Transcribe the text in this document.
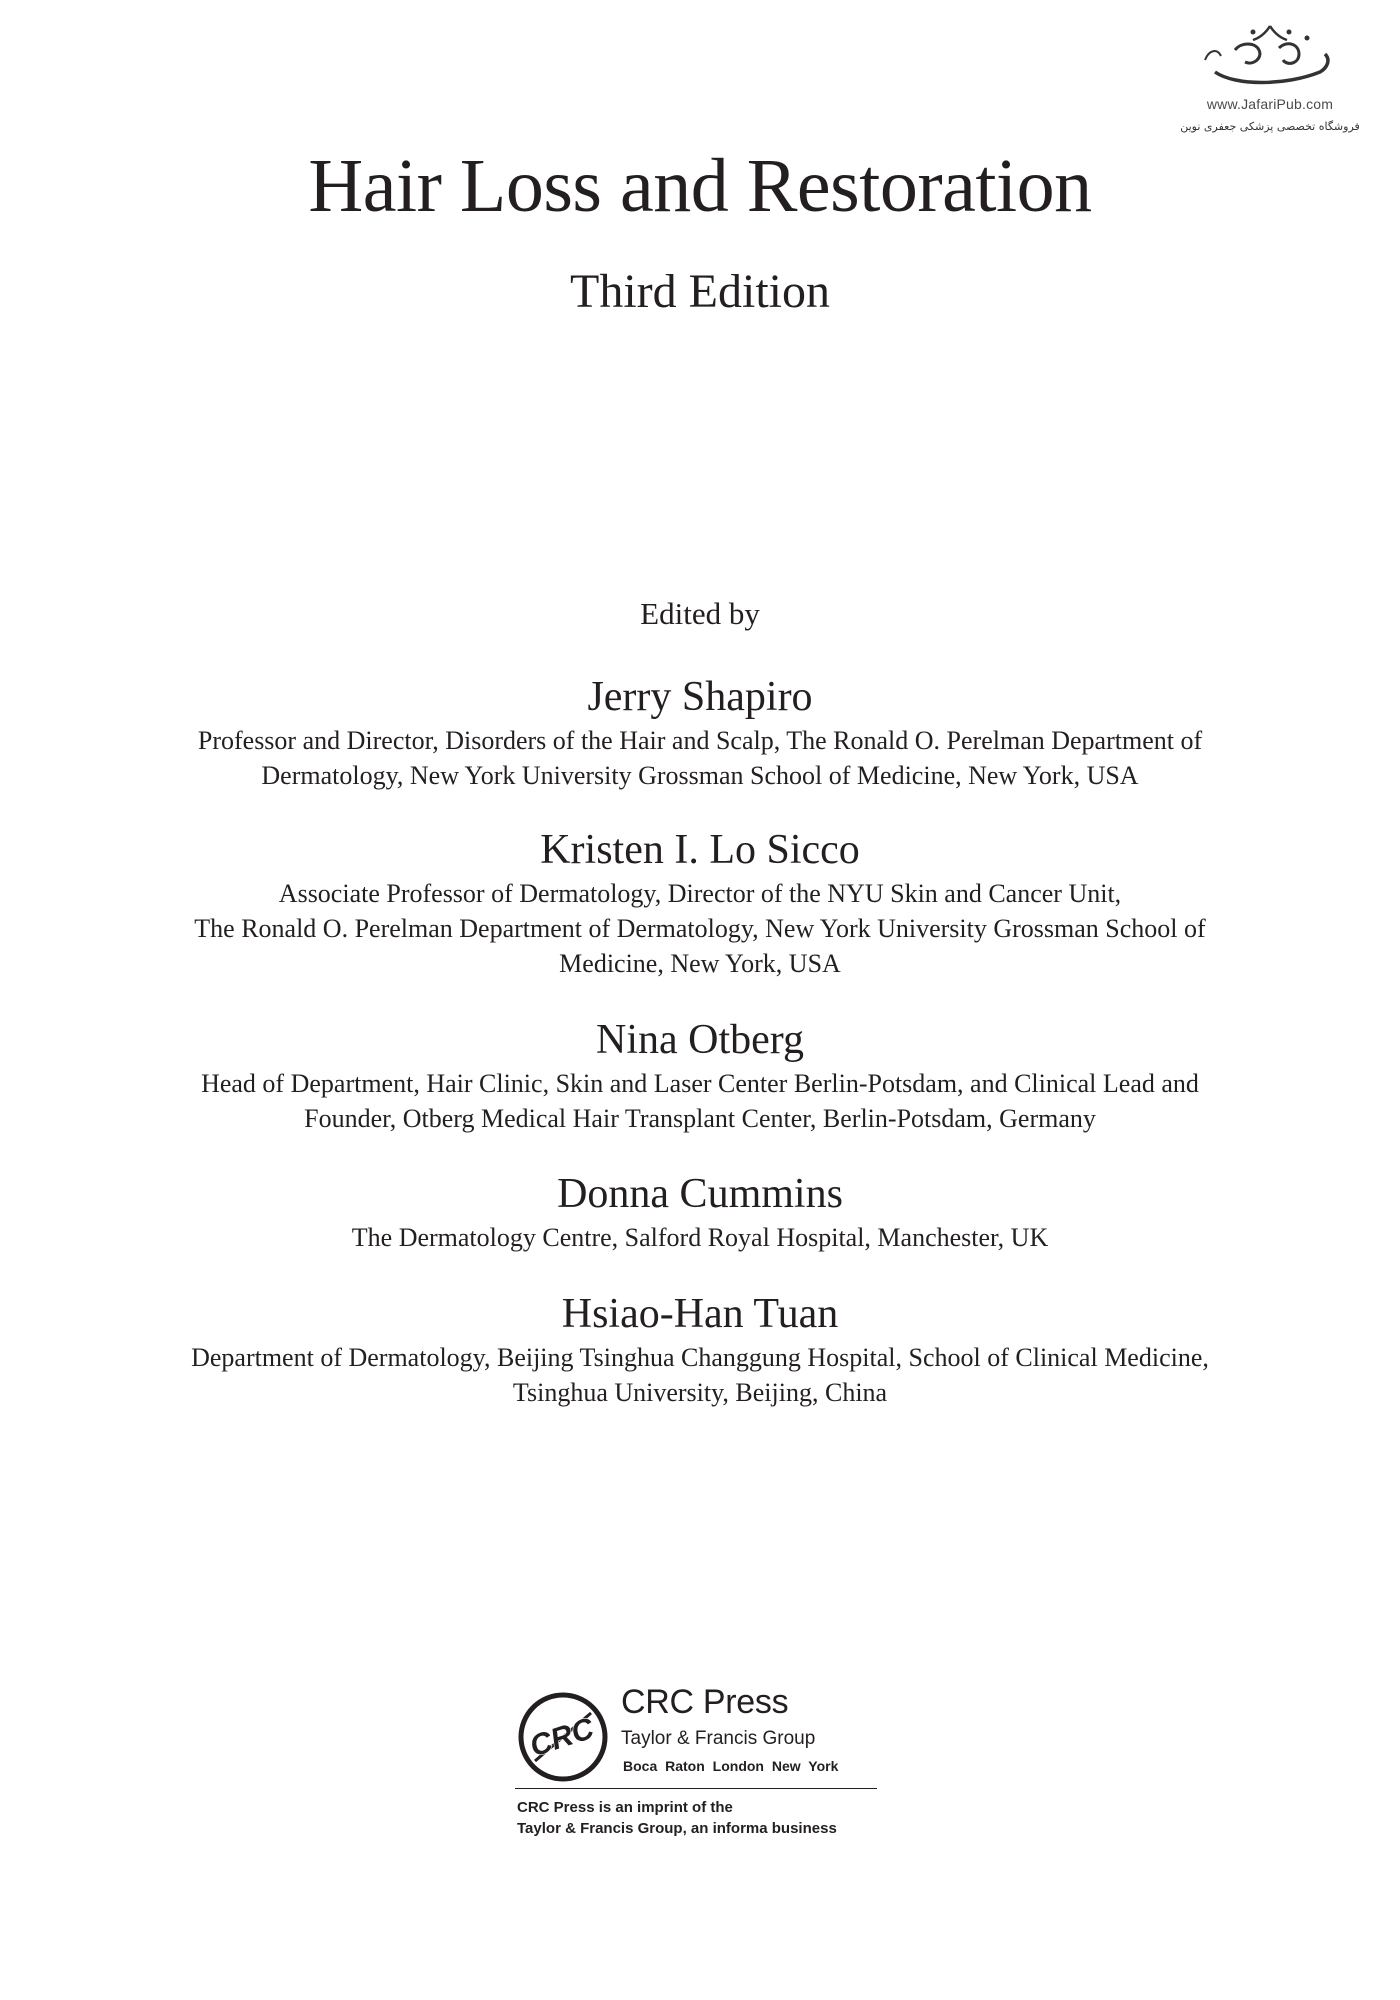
www.JafariPub.com
فروشگاه تخصصی پزشکی جعفری نوین
Hair Loss and Restoration
Third Edition
Edited by
Jerry Shapiro

Professor and Director, Disorders of the Hair and Scalp, The Ronald O. Perelman Department of
Dermatology, New York University Grossman School of Medicine, New York, USA

Kristen I. Lo Sicco

Associate Professor of Dermatology, Director of the NYU Skin and Cancer Unit,
The Ronald O. Perelman Department of Dermatology, New York University Grossman School of
Medicine, New York, USA

Nina Otberg

Head of Department, Hair Clinic, Skin and Laser Center Berlin-Potsdam, and Clinical Lead and
Founder, Otberg Medical Hair Transplant Center, Berlin-Potsdam, Germany

Donna Cummins

The Dermatology Centre, Salford Royal Hospital, Manchester, UK

Hsiao-Han Tuan

Department of Dermatology, Beijing Tsinghua Changgung Hospital, School of Clinical Medicine,
Tsinghua University, Beijing, China

CRC
CRC Press
Taylor & Francis Group
Boca Raton London New York
CRC Press is an imprint of the
Taylor & Francis Group, an informa business
